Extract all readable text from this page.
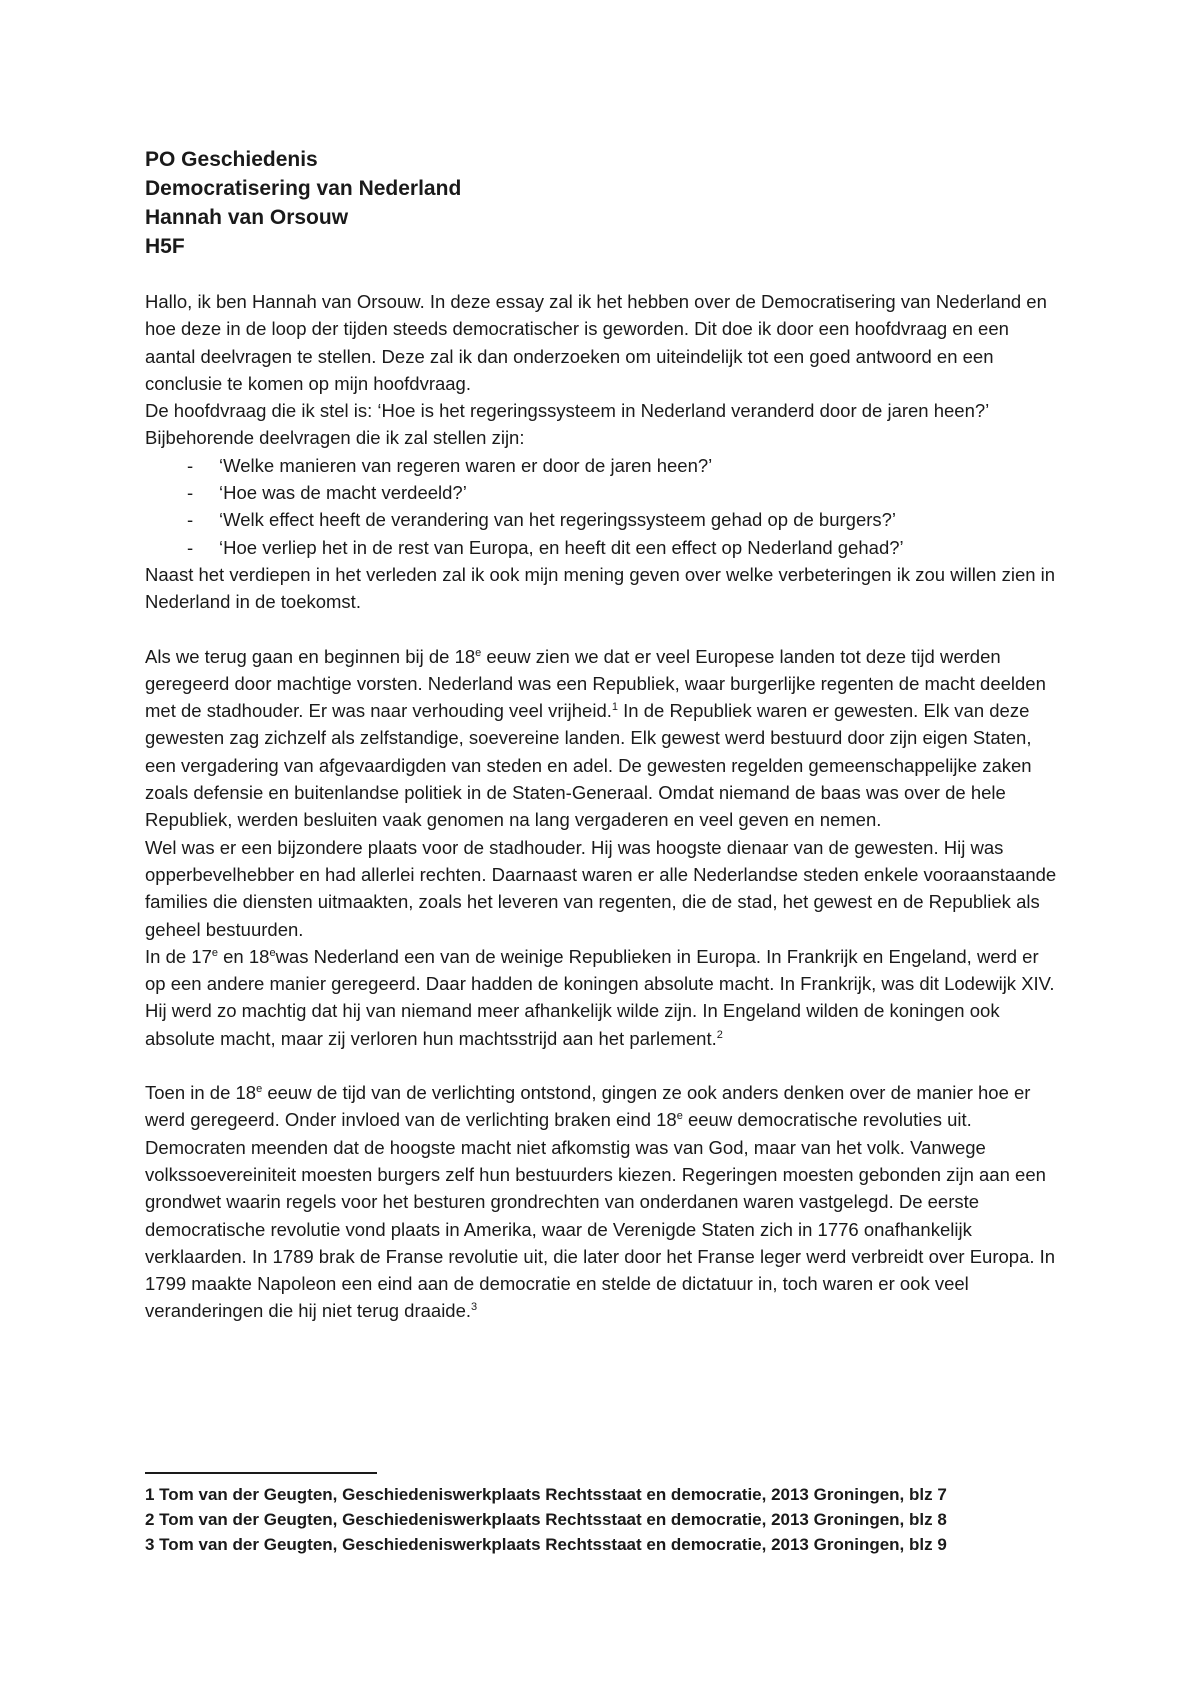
PO Geschiedenis
Democratisering van Nederland
Hannah van Orsouw
H5F
Hallo, ik ben Hannah van Orsouw. In deze essay zal ik het hebben over de Democratisering van Nederland en hoe deze in de loop der tijden steeds democratischer is geworden. Dit doe ik door een hoofdvraag en een aantal deelvragen te stellen. Deze zal ik dan onderzoeken om uiteindelijk tot een goed antwoord en een conclusie te komen op mijn hoofdvraag.
De hoofdvraag die ik stel is: ‘Hoe is het regeringssysteem in Nederland veranderd door de jaren heen?’
Bijbehorende deelvragen die ik zal stellen zijn:
- ‘Welke manieren van regeren waren er door de jaren heen?’
- ‘Hoe was de macht verdeeld?’
- ‘Welk effect heeft de verandering van het regeringssysteem gehad op de burgers?’
- ‘Hoe verliep het in de rest van Europa, en heeft dit een effect op Nederland gehad?’
Naast het verdiepen in het verleden zal ik ook mijn mening geven over welke verbeteringen ik zou willen zien in Nederland in de toekomst.
Als we terug gaan en beginnen bij de 18e eeuw zien we dat er veel Europese landen tot deze tijd werden geregeerd door machtige vorsten. Nederland was een Republiek, waar burgerlijke regenten de macht deelden met de stadhouder. Er was naar verhouding veel vrijheid.$^1$ In de Republiek waren er gewesten. Elk van deze gewesten zag zichzelf als zelfstandige, soevereine landen. Elk gewest werd bestuurd door zijn eigen Staten, een vergadering van afgevaardigden van steden en adel. De gewesten regelden gemeenschappelijke zaken zoals defensie en buitenlandse politiek in de Staten-Generaal. Omdat niemand de baas was over de hele Republiek, werden besluiten vaak genomen na lang vergaderen en veel geven en nemen.
Wel was er een bijzondere plaats voor de stadhouder. Hij was hoogste dienaar van de gewesten. Hij was opperbevelhebber en had allerlei rechten. Daarnaast waren er alle Nederlandse steden enkele vooraanstaande families die diensten uitmaakten, zoals het leveren van regenten, die de stad, het gewest en de Republiek als geheel bestuurden.
In de 17e en 18ewas Nederland een van de weinige Republieken in Europa. In Frankrijk en Engeland, werd er op een andere manier geregeerd. Daar hadden de koningen absolute macht. In Frankrijk, was dit Lodewijk XIV. Hij werd zo machtig dat hij van niemand meer afhankelijk wilde zijn. In Engeland wilden de koningen ook absolute macht, maar zij verloren hun machtsstrijd aan het parlement.$^2$
Toen in de 18e eeuw de tijd van de verlichting ontstond, gingen ze ook anders denken over de manier hoe er werd geregeerd. Onder invloed van de verlichting braken eind 18e eeuw democratische revoluties uit. Democraten meenden dat de hoogste macht niet afkomstig was van God, maar van het volk. Vanwege volkssoevereiniteit moesten burgers zelf hun bestuurders kiezen. Regeringen moesten gebonden zijn aan een grondwet waarin regels voor het besturen grondrechten van onderdanen waren vastgelegd. De eerste democratische revolutie vond plaats in Amerika, waar de Verenigde Staten zich in 1776 onafhankelijk verklaarden. In 1789 brak de Franse revolutie uit, die later door het Franse leger werd verbreidt over Europa. In 1799 maakte Napoleon een eind aan de democratie en stelde de dictatuur in, toch waren er ook veel veranderingen die hij niet terug draaide.$^3$
1 Tom van der Geugten, Geschiedeniswerkplaats Rechtsstaat en democratie, 2013 Groningen, blz 7
2 Tom van der Geugten, Geschiedeniswerkplaats Rechtsstaat en democratie, 2013 Groningen, blz 8
3 Tom van der Geugten, Geschiedeniswerkplaats Rechtsstaat en democratie, 2013 Groningen, blz 9
